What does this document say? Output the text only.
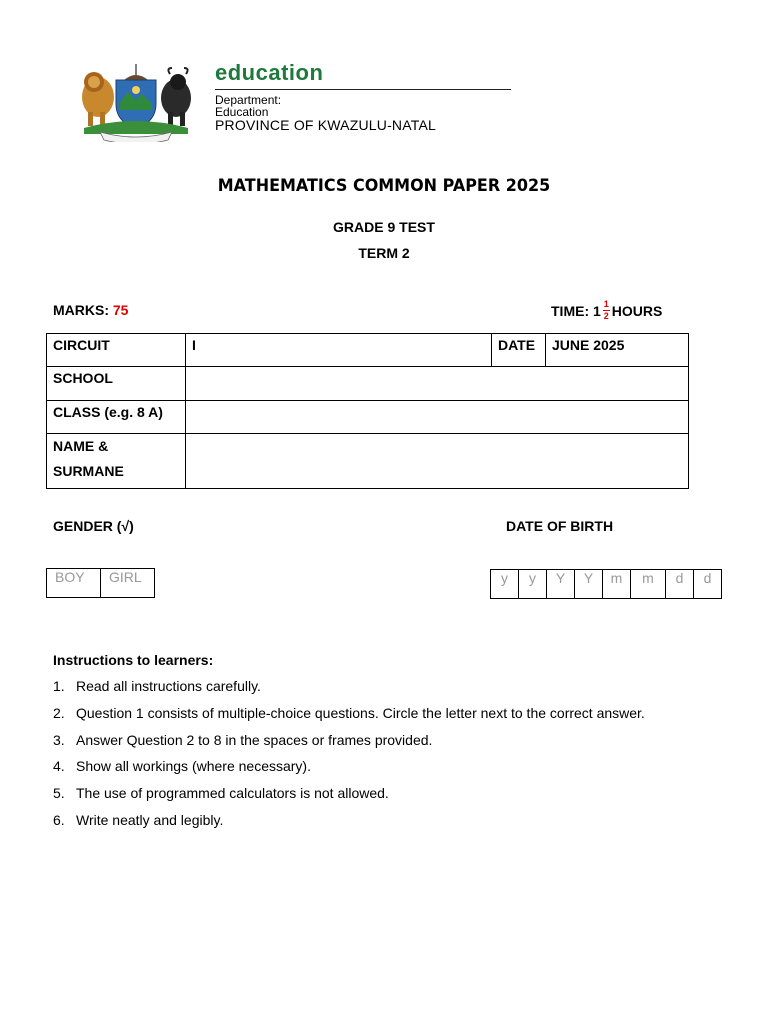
education
Department:
Education
PROVINCE OF KWAZULU-NATAL
MATHEMATICS COMMON PAPER 2025
GRADE 9 TEST
TERM 2
MARKS: 75	TIME: $1 \frac{1}{2}$ HOURS
CIRCUIT	I	DATE	JUNE 2025
SCHOOL			
CLASS (e.g. 8 A)			

NAME &
SURMANE			

GENDER (√)	DATE OF BIRTH
BOY	GIRL	y	y	Y	Y	m	m	d	d
Instructions to learners:
1. Read all instructions carefully.
2. Question 1 consists of multiple-choice questions. Circle the letter next to the correct answer.
3. Answer Question 2 to 8 in the spaces or frames provided.
4. Show all workings (where necessary).
5. The use of programmed calculators is not allowed.
6. Write neatly and legibly.
